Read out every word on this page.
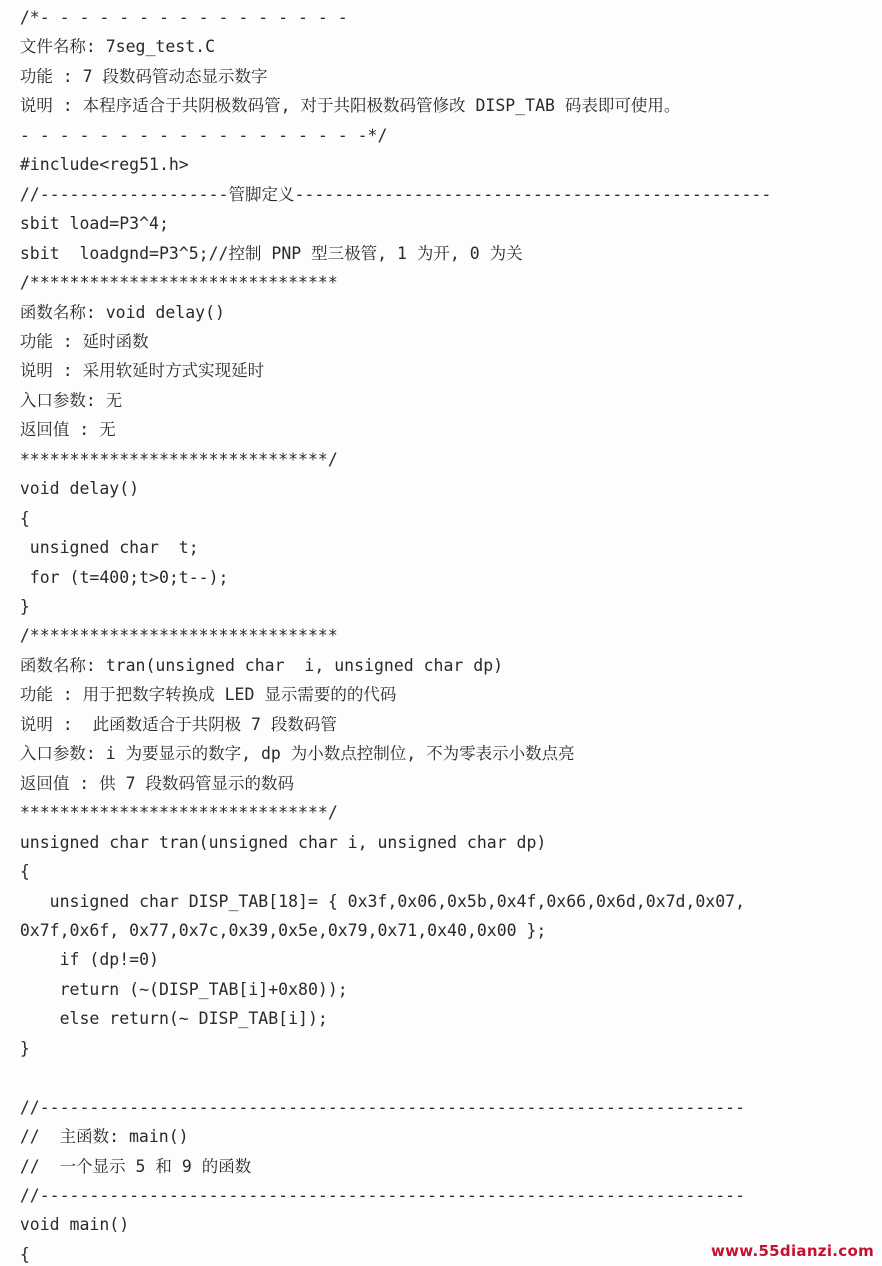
/*- - - - - - - - - - - - - - - -
文件名称: 7seg_test.C
功能 : 7 段数码管动态显示数字
说明 : 本程序适合于共阴极数码管, 对于共阳极数码管修改 DISP_TAB 码表即可使用。
- - - - - - - - - - - - - - - - - -*/
#include<reg51.h>
//-------------------管脚定义------------------------------------------------
sbit load=P3^4;
sbit  loadgnd=P3^5;//控制 PNP 型三极管, 1 为开, 0 为关
/*******************************
函数名称: void delay()
功能 : 延时函数
说明 : 采用软延时方式实现延时
入口参数: 无
返回值 : 无
*******************************/
void delay()
{
unsigned char  t;
for (t=400;t>0;t--);
}
/*******************************
函数名称: tran(unsigned char  i, unsigned char dp)
功能 : 用于把数字转换成 LED 显示需要的的代码
说明 :  此函数适合于共阴极 7 段数码管
入口参数: i 为要显示的数字, dp 为小数点控制位, 不为零表示小数点亮
返回值 : 供 7 段数码管显示的数码
*******************************/
unsigned char tran(unsigned char i, unsigned char dp)
{
unsigned char DISP_TAB[18]= { 0x3f,0x06,0x5b,0x4f,0x66,0x6d,0x7d,0x07,
0x7f,0x6f, 0x77,0x7c,0x39,0x5e,0x79,0x71,0x40,0x00 };
if (dp!=0)
return (~(DISP_TAB[i]+0x80));
else return(~ DISP_TAB[i]);
}
//-----------------------------------------------------------------------
//  主函数: main()
//  一个显示 5 和 9 的函数
//-----------------------------------------------------------------------
void main()
{	www.55dianzi.com
